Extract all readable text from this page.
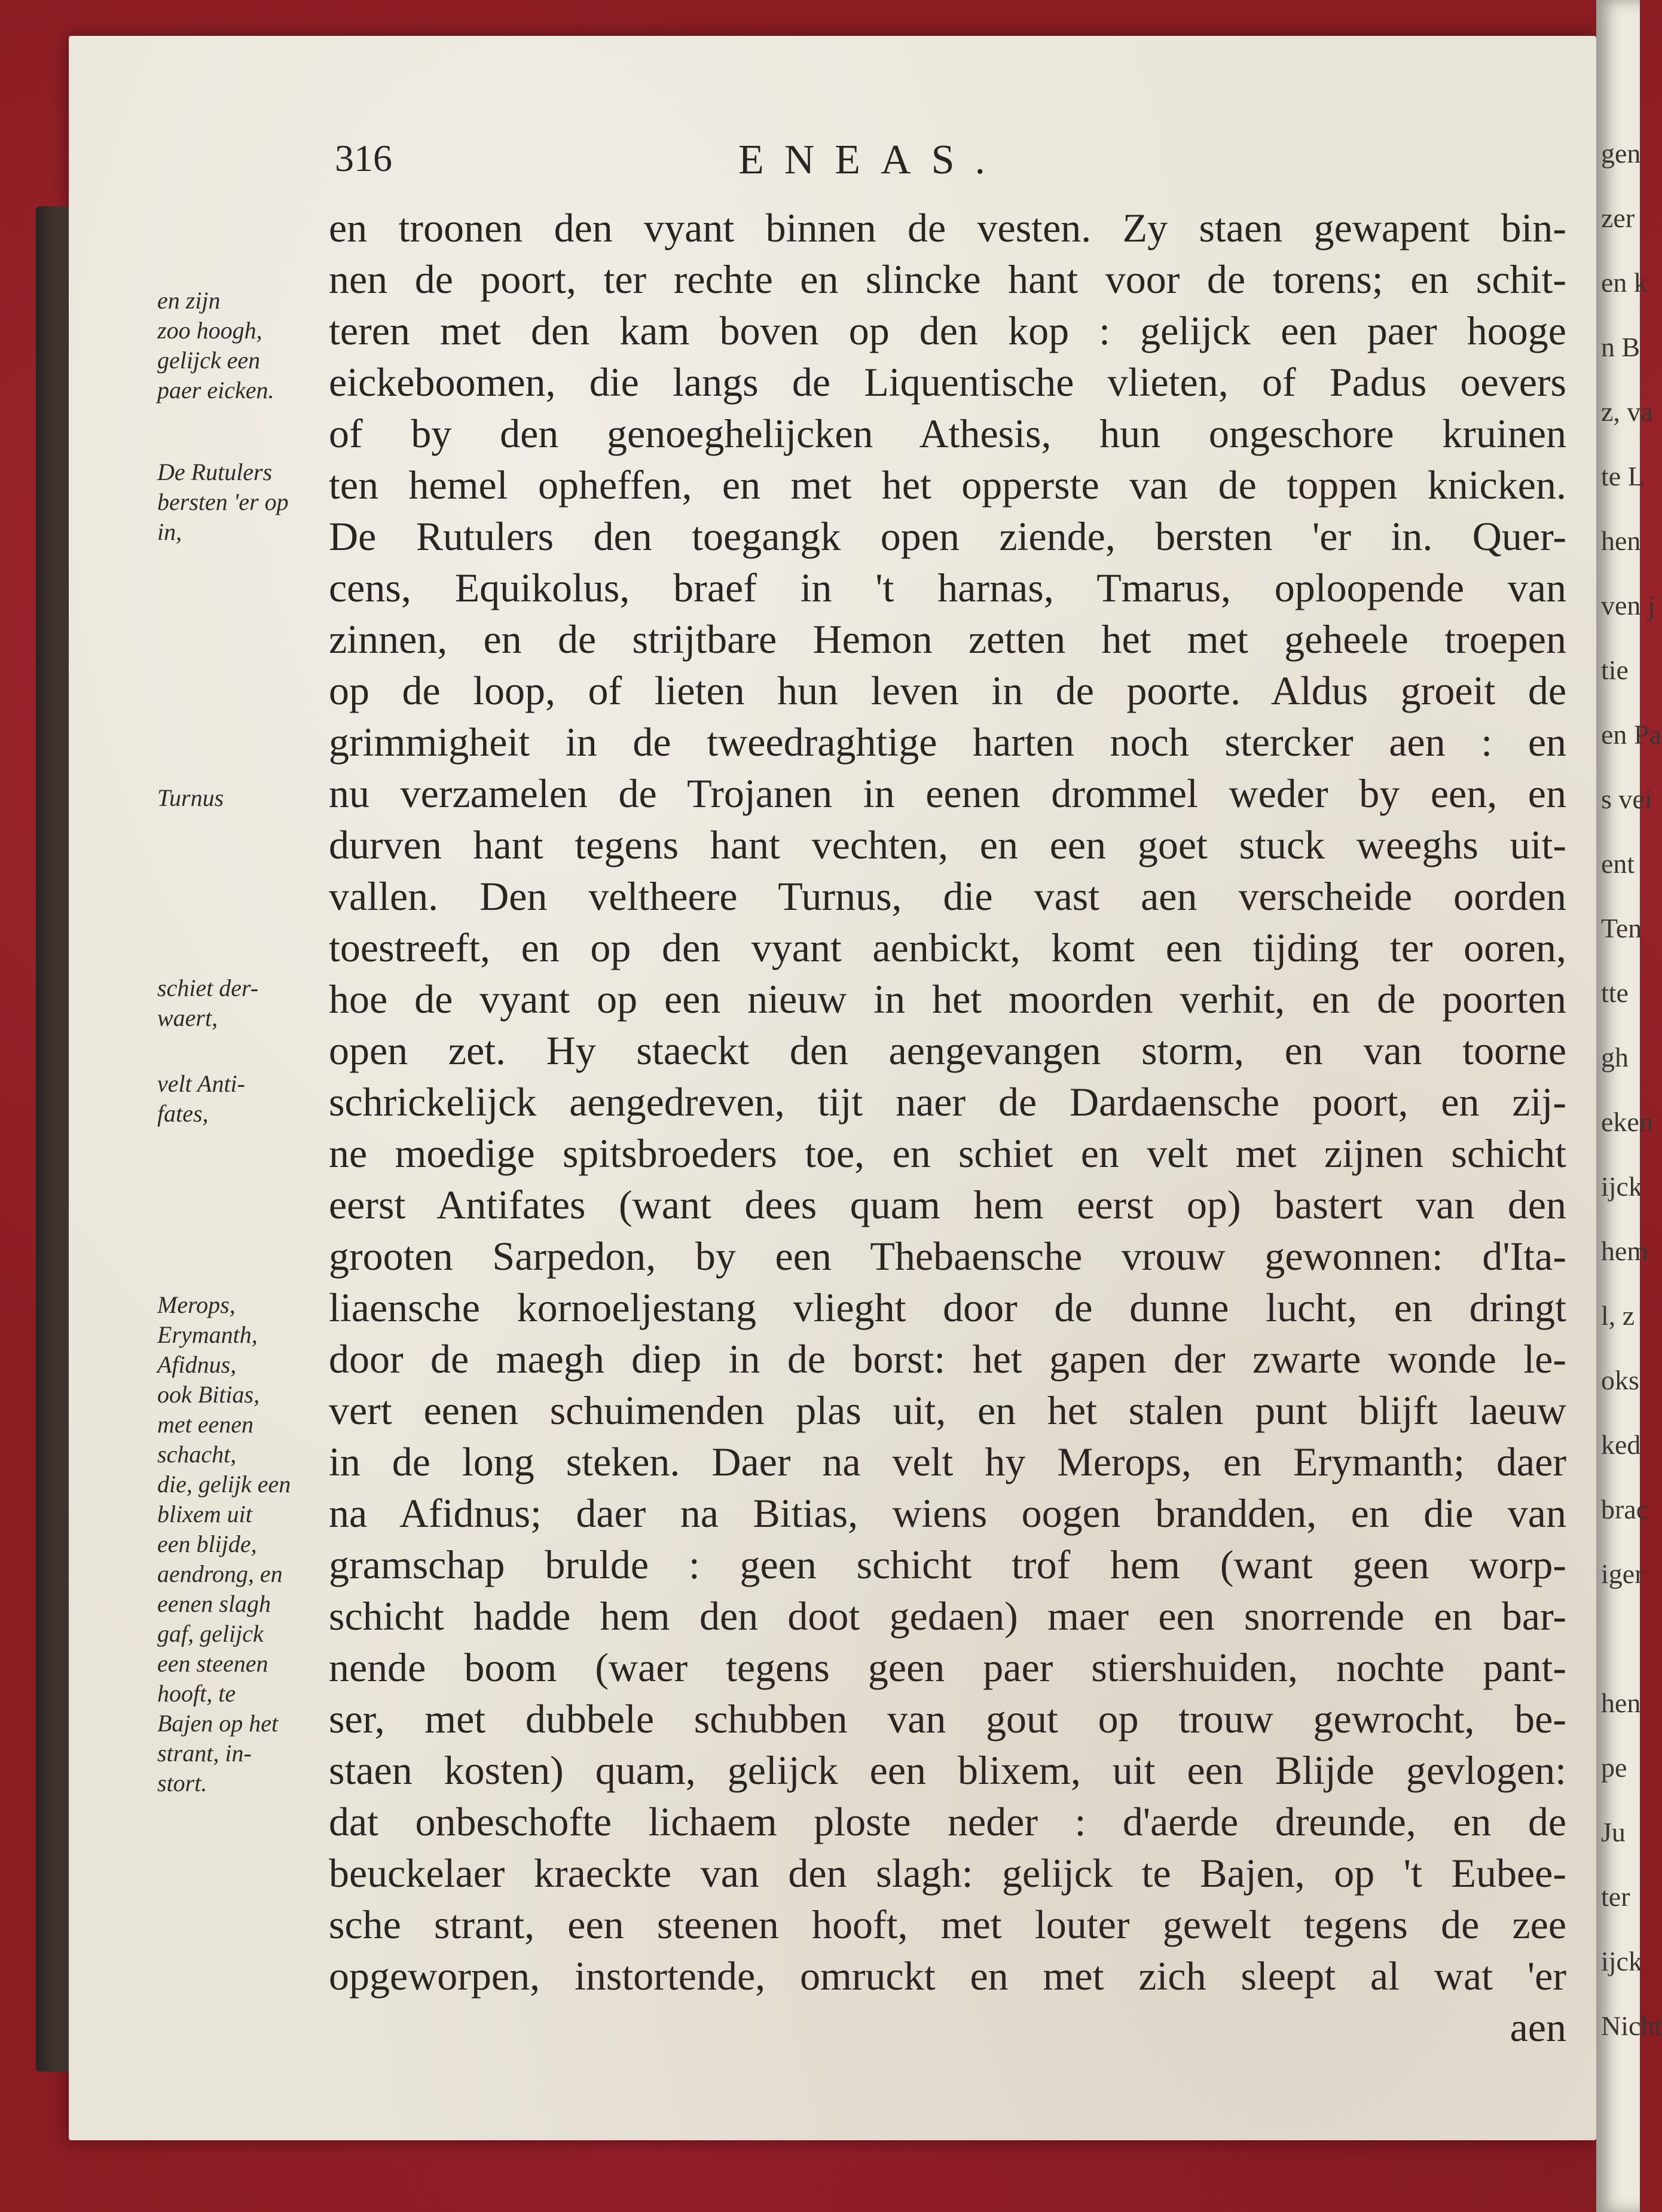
316	ENEAS.
en zijn
zoo hoogh,
gelijck een
paer eicken.
De Rutulers
bersten 'er op
in,
Turnus
schiet der-
waert,
velt Anti-
fates,
Merops,
Erymanth,
Afidnus,
ook Bitias,
met eenen
schacht,
die, gelijk een
blixem uit
een blijde,
aendrong, en
eenen slagh
gaf, gelijck
een steenen
hooft, te
Bajen op het
strant, in-
stort.
en troonen den vyant binnen de vesten. Zy staen gewapent bin-
nen de poort, ter rechte en slincke hant voor de torens; en schit-
teren met den kam boven op den kop : gelijck een paer hooge
eickeboomen, die langs de Liquentische vlieten, of Padus oevers
of by den genoeghelijcken Athesis, hun ongeschore kruinen
ten hemel opheffen, en met het opperste van de toppen knicken.
De Rutulers den toegangk open ziende, bersten 'er in. Quer-
cens, Equikolus, braef in 't harnas, Tmarus, oploopende van
zinnen, en de strijtbare Hemon zetten het met geheele troepen
op de loop, of lieten hun leven in de poorte. Aldus groeit de
grimmigheit in de tweedraghtige harten noch stercker aen : en
nu verzamelen de Trojanen in eenen drommel weder by een, en
durven hant tegens hant vechten, en een goet stuck weeghs uit-
vallen. Den veltheere Turnus, die vast aen verscheide oorden
toestreeft, en op den vyant aenbickt, komt een tijding ter ooren,
hoe de vyant op een nieuw in het moorden verhit, en de poorten
open zet. Hy staeckt den aengevangen storm, en van toorne
schrickelijck aengedreven, tijt naer de Dardaensche poort, en zij-
ne moedige spitsbroeders toe, en schiet en velt met zijnen schicht
eerst Antifates (want dees quam hem eerst op) bastert van den
grooten Sarpedon, by een Thebaensche vrouw gewonnen: d'Ita-
liaensche kornoeljestang vlieght door de dunne lucht, en dringt
door de maegh diep in de borst: het gapen der zwarte wonde le-
vert eenen schuimenden plas uit, en het stalen punt blijft laeuw
in de long steken. Daer na velt hy Merops, en Erymanth; daer
na Afidnus; daer na Bitias, wiens oogen brandden, en die van
gramschap brulde : geen schicht trof hem (want geen worp-
schicht hadde hem den doot gedaen) maer een snorrende en bar-
nende boom (waer tegens geen paer stiershuiden, nochte pant-
ser, met dubbele schubben van gout op trouw gewrocht, be-
staen kosten) quam, gelijck een blixem, uit een Blijde gevlogen:
dat onbeschofte lichaem ploste neder : d'aerde dreunde, en de
beuckelaer kraeckte van den slagh: gelijck te Bajen, op 't Eubee-
sche strant, een steenen hooft, met louter gewelt tegens de zee
opgeworpen, instortende, omruckt en met zich sleept al wat 'er
aen
gen
zer
en k
n B
z, va
te L
hen
ven j
tie
en Pa
s vei
ent
Ten
tte
gh
eken
ijck
hem
l, z
oks
ked
brac
iger
hen
pe
Ju
ter
ijck
Nicht
